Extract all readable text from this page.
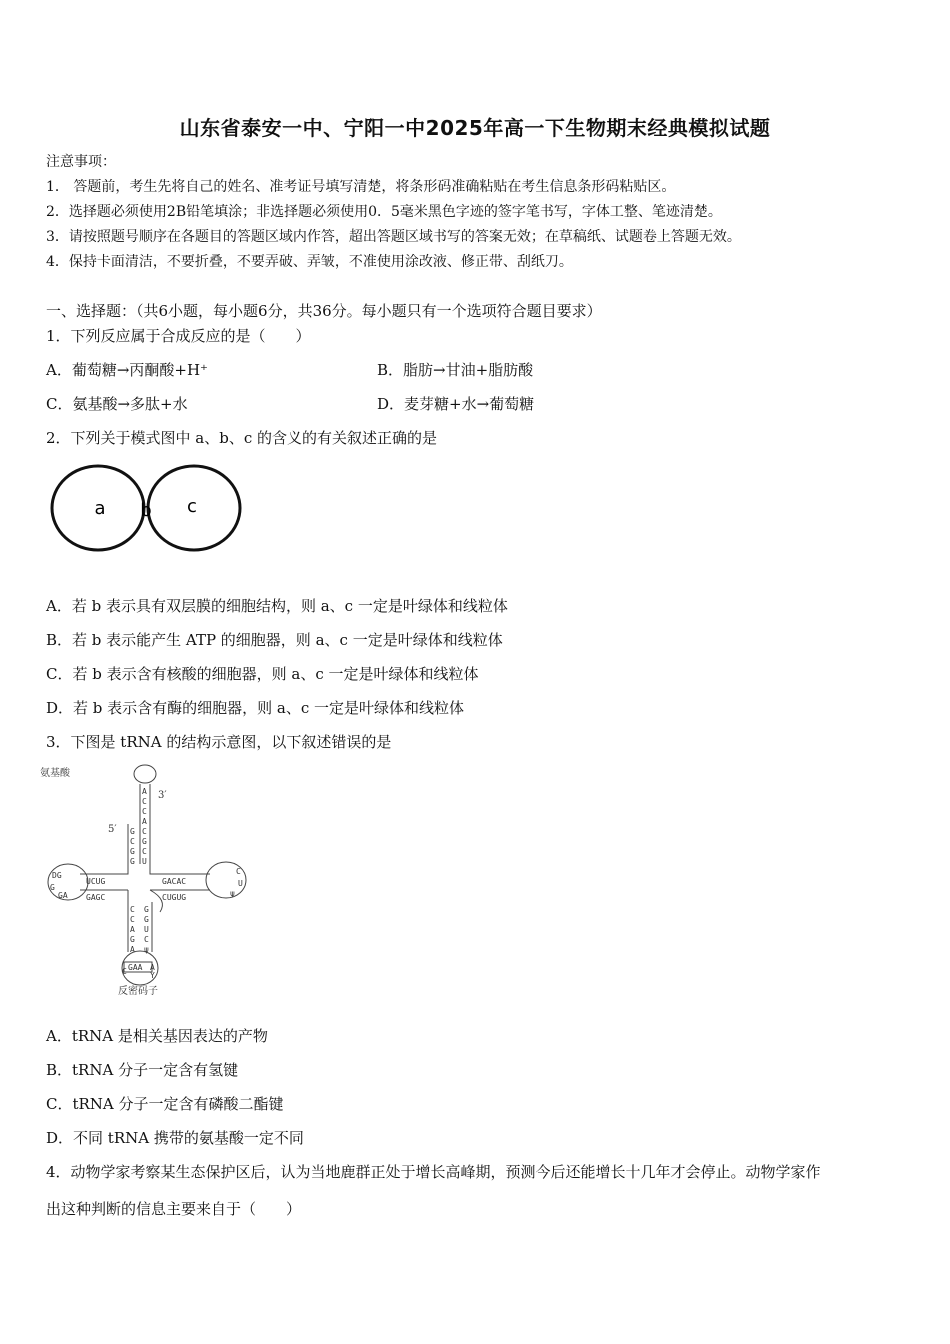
山东省泰安一中、宁阳一中2025年高一下生物期末经典模拟试题
注意事项：
1． 答题前，考生先将自己的姓名、准考证号填写清楚，将条形码准确粘贴在考生信息条形码粘贴区。
2．选择题必须使用2B铅笔填涂；非选择题必须使用0．5毫米黑色字迹的签字笔书写，字体工整、笔迹清楚。
3．请按照题号顺序在各题目的答题区域内作答，超出答题区域书写的答案无效；在草稿纸、试题卷上答题无效。
4．保持卡面清洁，不要折叠，不要弄破、弄皱，不准使用涂改液、修正带、刮纸刀。
一、选择题：（共6小题，每小题6分，共36分。每小题只有一个选项符合题目要求）
1．下列反应属于合成反应的是（　　）
A．葡萄糖→丙酮酸+H⁺	B．脂肪→甘油+脂肪酸
C．氨基酸→多肽+水	D．麦芽糖+水→葡萄糖
2．下列关于模式图中 a、b、c 的含义的有关叙述正确的是
a b c
A．若 b 表示具有双层膜的细胞结构，则 a、c 一定是叶绿体和线粒体
B．若 b 表示能产生 ATP 的细胞器，则 a、c 一定是叶绿体和线粒体
C．若 b 表示含有核酸的细胞器，则 a、c 一定是叶绿体和线粒体
D．若 b 表示含有酶的细胞器，则 a、c 一定是叶绿体和线粒体
3．下图是 tRNA 的结构示意图，以下叙述错误的是
氨基酸
3′
5′
A
C
C
A
C
G
C
U
G
C
G
G
UCUG
GAGC
DG
G
GA
GACAC
CUGUG
C
U
ψ
C
C
A
G
A
G
G
U
C
ψ
C	A
Y
GAA
反密码子
A．tRNA 是相关基因表达的产物
B．tRNA 分子一定含有氢键
C．tRNA 分子一定含有磷酸二酯键
D．不同 tRNA 携带的氨基酸一定不同
4．动物学家考察某生态保护区后，认为当地鹿群正处于增长高峰期，预测今后还能增长十几年才会停止。动物学家作
出这种判断的信息主要来自于（　　）
